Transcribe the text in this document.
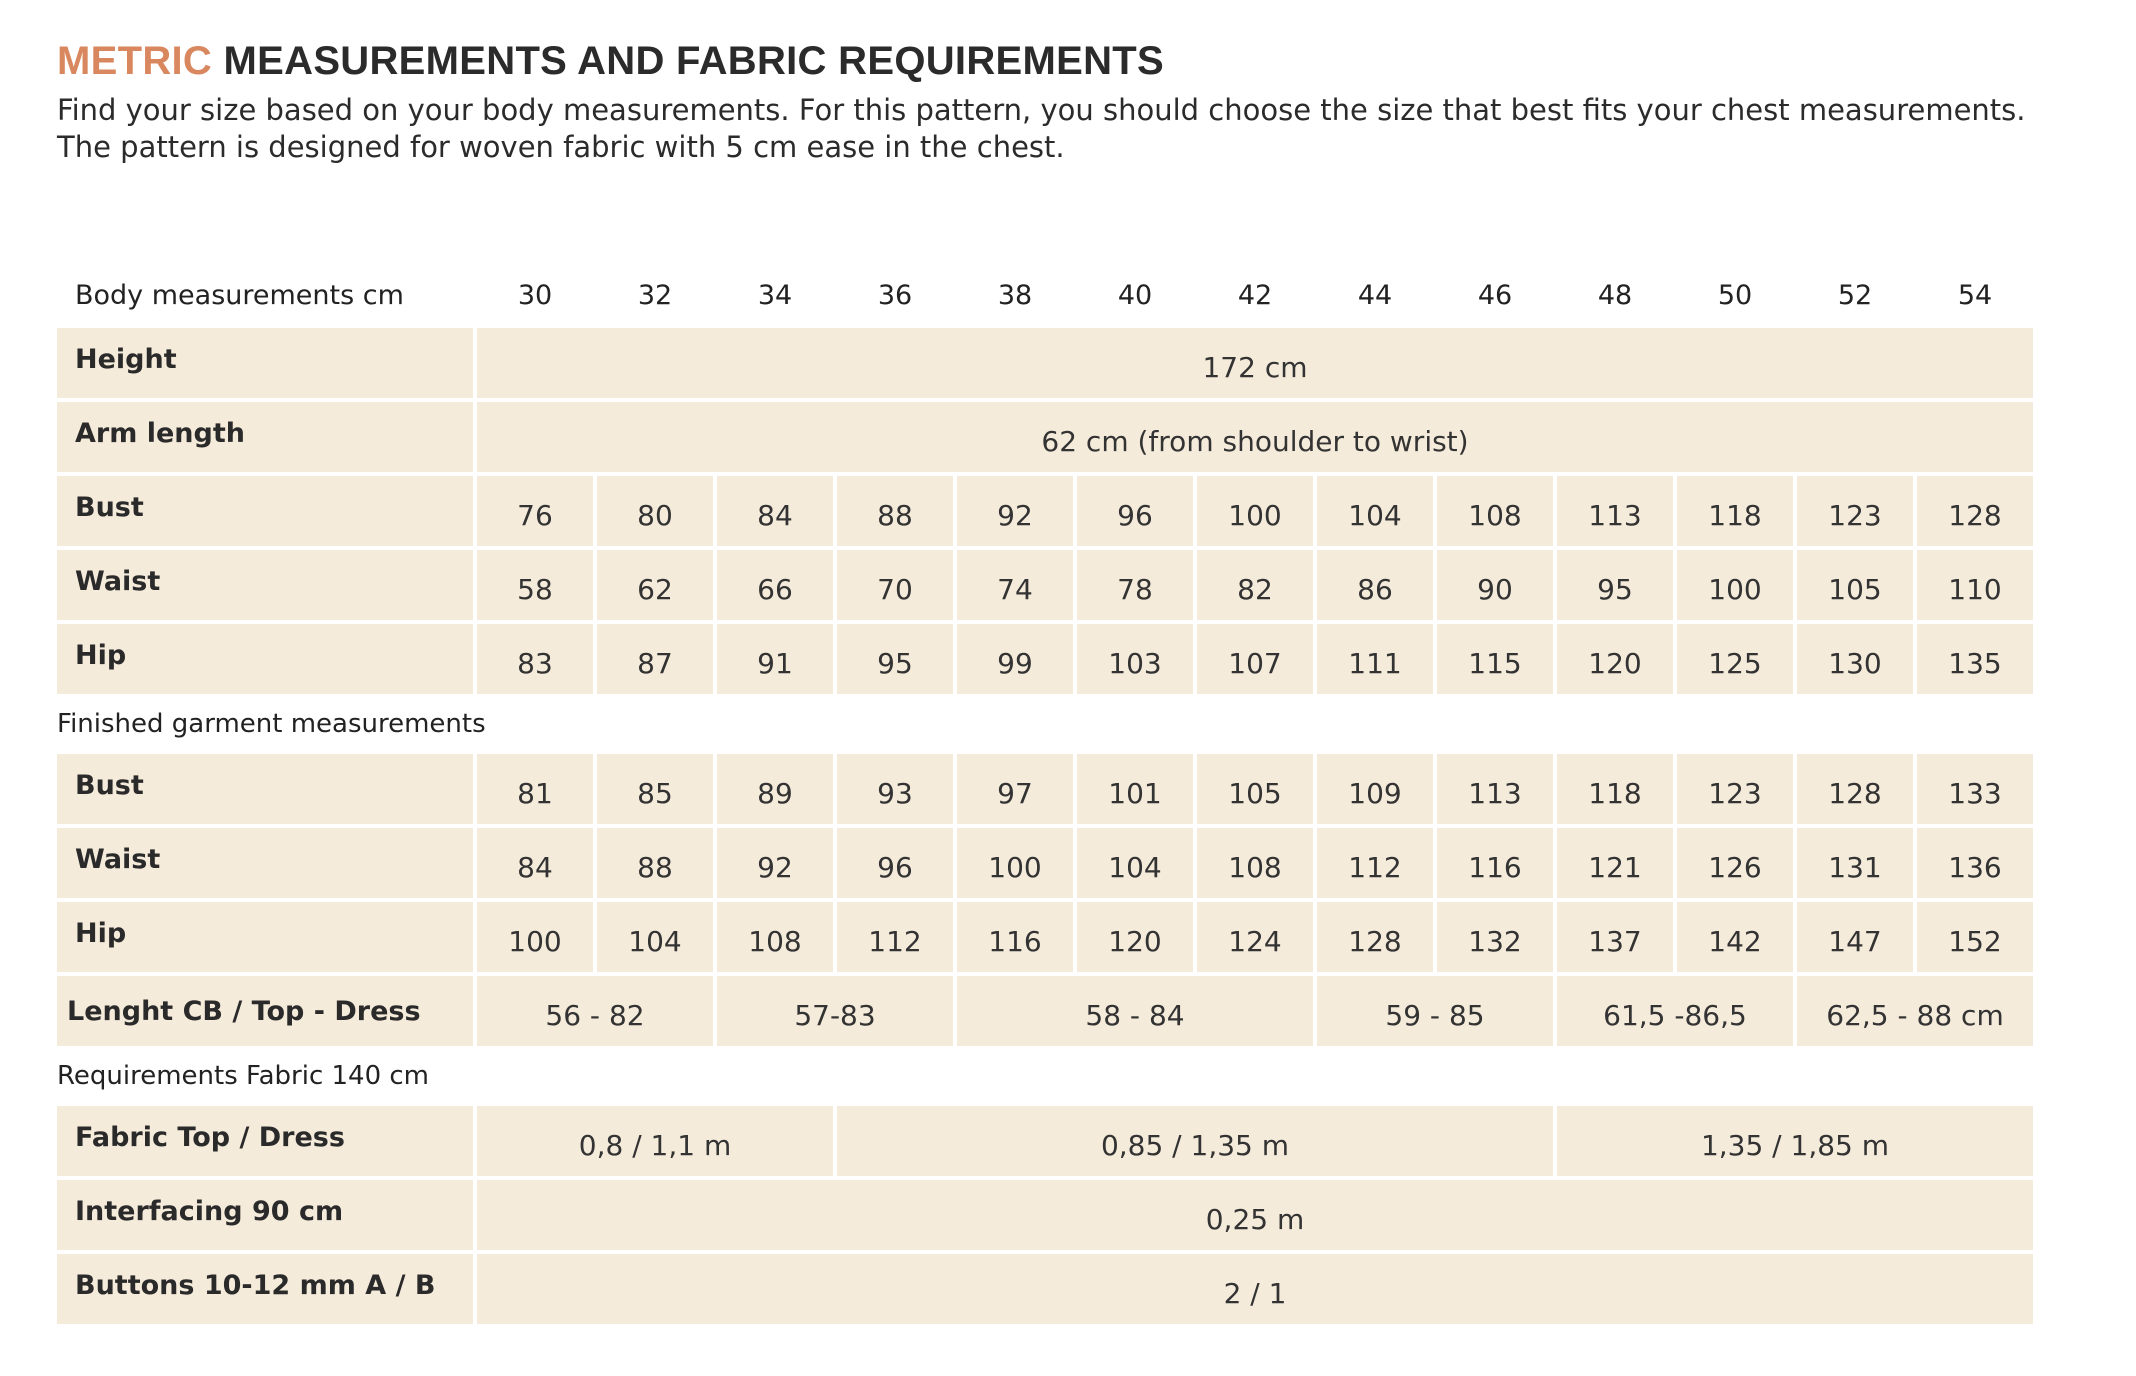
METRIC MEASUREMENTS AND FABRIC REQUIREMENTS
Find your size based on your body measurements. For this pattern, you should choose the size that best fits your chest measurements.
The pattern is designed for woven fabric with 5 cm ease in the chest.
Body measurements cm	30	32	34	36	38	40	42	44	46	48	50	52	54
Height	172 cm												
Arm length	62 cm (from shoulder to wrist)												
Bust	76	80	84	88	92	96	100	104	108	113	118	123	128
Waist	58	62	66	70	74	78	82	86	90	95	100	105	110
Hip	83	87	91	95	99	103	107	111	115	120	125	130	135
Finished garment measurements													
Bust	81	85	89	93	97	101	105	109	113	118	123	128	133
Waist	84	88	92	96	100	104	108	112	116	121	126	131	136
Hip	100	104	108	112	116	120	124	128	132	137	142	147	152
Lenght CB / Top - Dress	56 - 82		57-83		58 - 84			59 - 85		61,5 -86,5		62,5 - 88 cm	
Requirements Fabric 140 cm													
Fabric Top / Dress	0,8 / 1,1 m			0,85 / 1,35 m						1,35 / 1,85 m			
Interfacing 90 cm	0,25 m												
Buttons 10-12 mm A / B	2 / 1												
